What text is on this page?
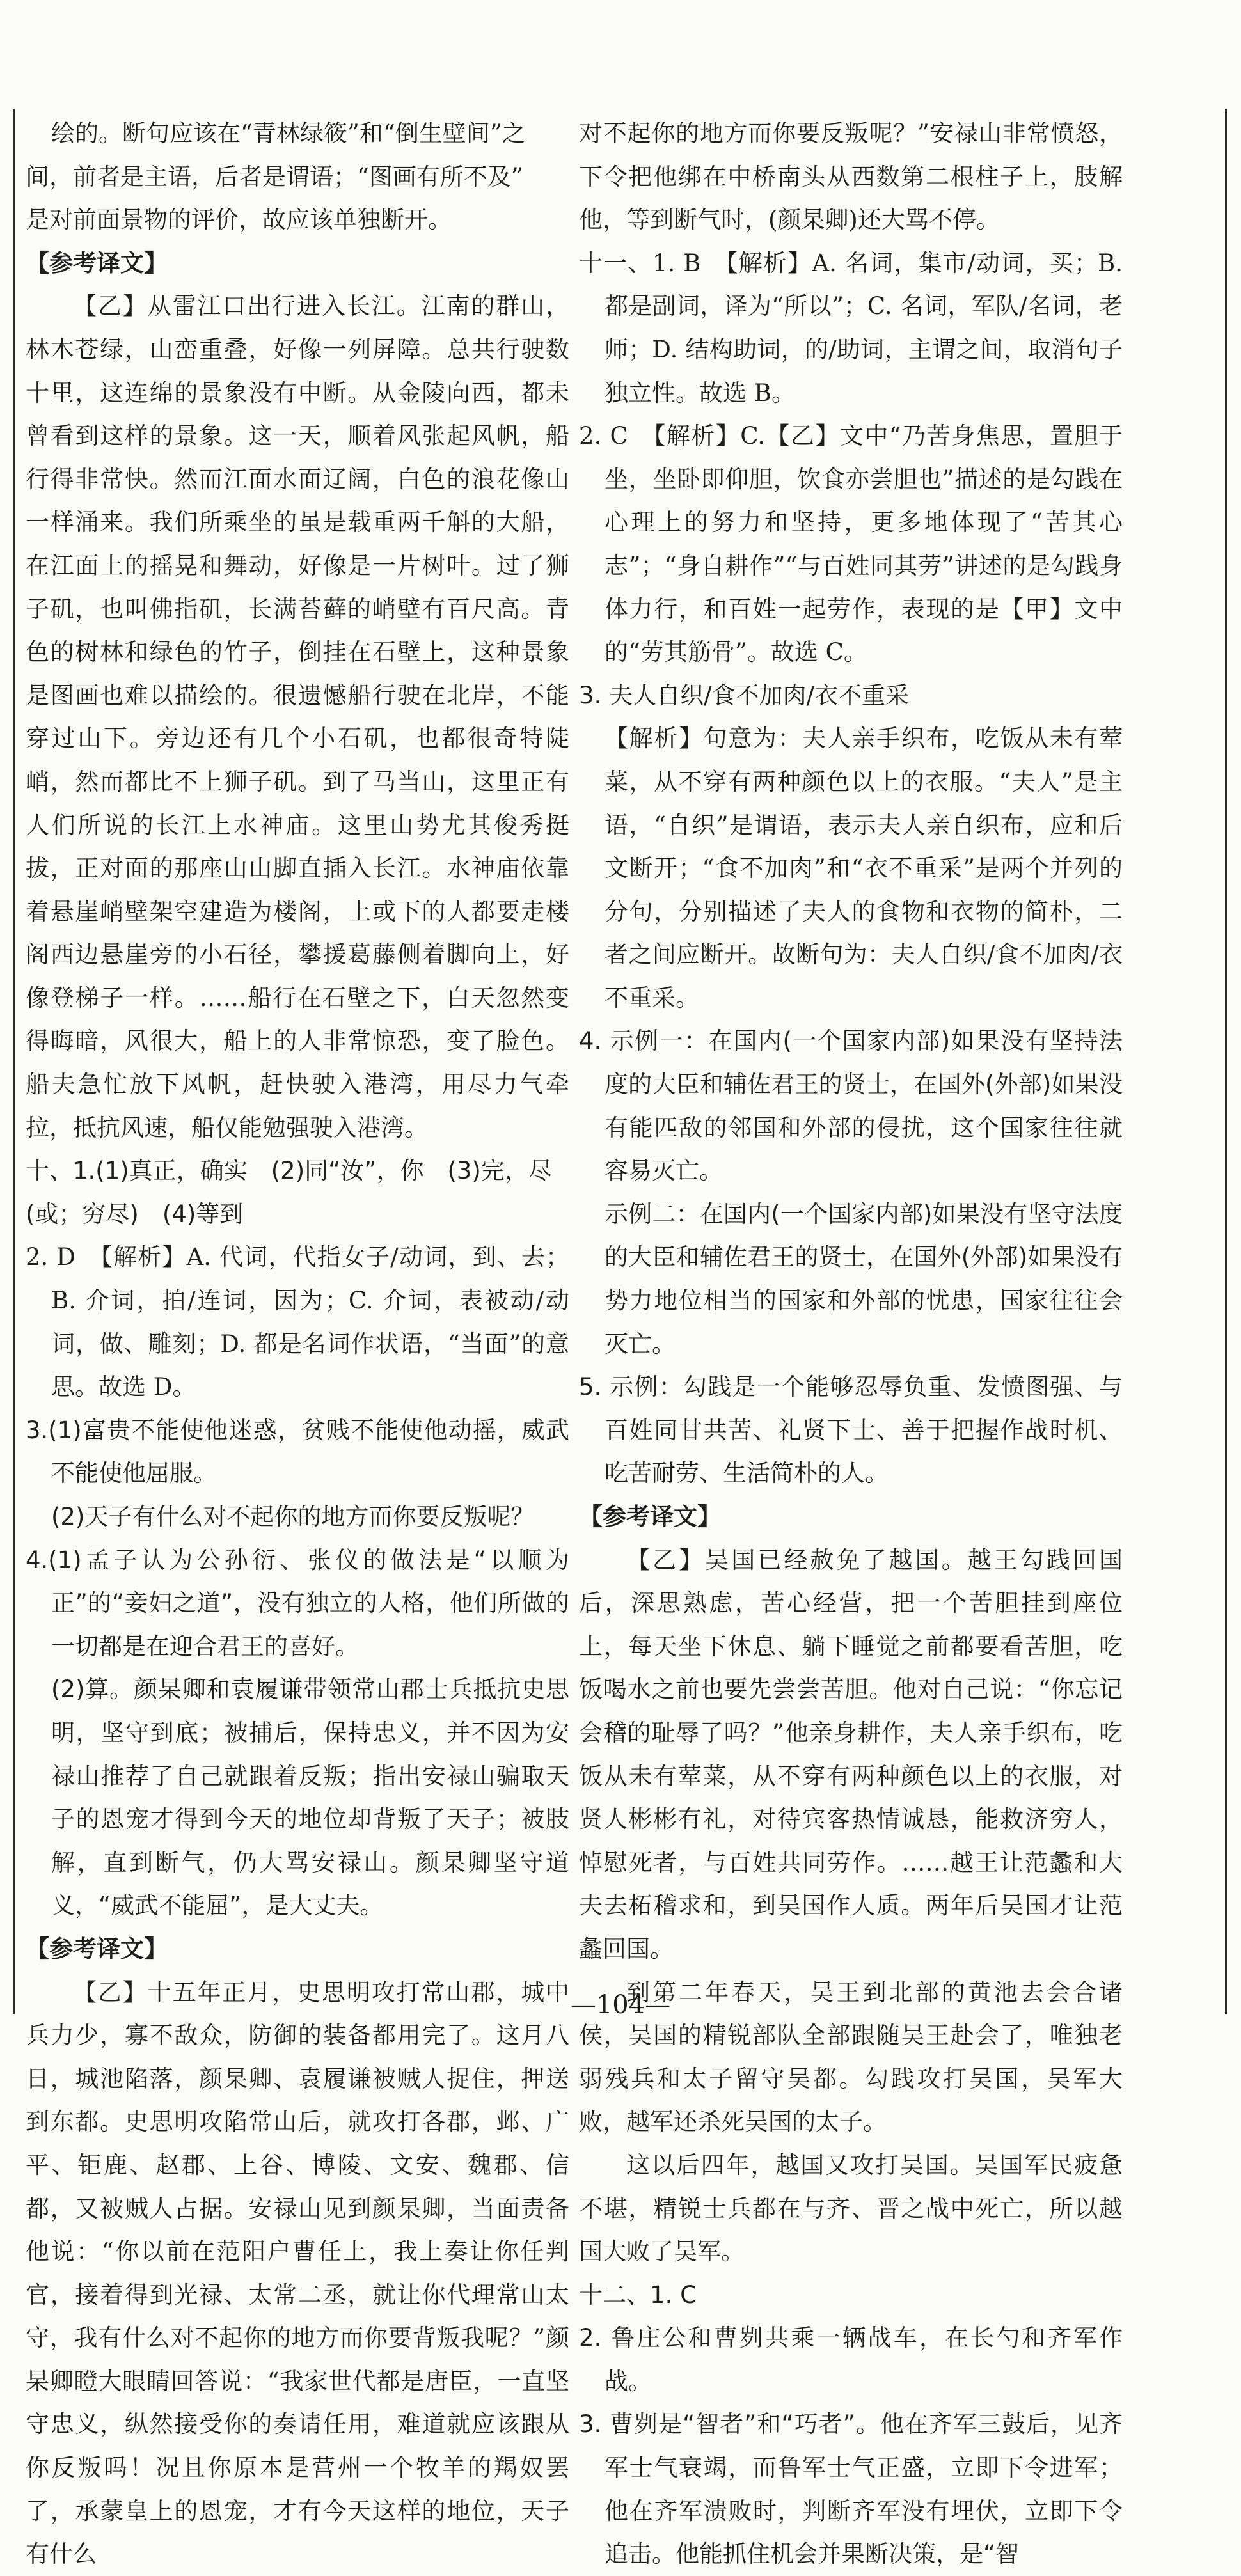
绘的。断句应该在“青林绿筱”和“倒生壁间”之

间，前者是主语，后者是谓语；“图画有所不及”

是对前面景物的评价，故应该单独断开。

【参考译文】

【乙】从雷江口出行进入长江。江南的群山，林木苍绿，山峦重叠，好像一列屏障。总共行驶数十里，这连绵的景象没有中断。从金陵向西，都未曾看到这样的景象。这一天，顺着风张起风帆，船行得非常快。然而江面水面辽阔，白色的浪花像山一样涌来。我们所乘坐的虽是载重两千斛的大船，在江面上的摇晃和舞动，好像是一片树叶。过了狮子矶，也叫佛指矶，长满苔藓的峭壁有百尺高。青色的树林和绿色的竹子，倒挂在石壁上，这种景象是图画也难以描绘的。很遗憾船行驶在北岸，不能穿过山下。旁边还有几个小石矶，也都很奇特陡峭，然而都比不上狮子矶。到了马当山，这里正有人们所说的长江上水神庙。这里山势尤其俊秀挺拔，正对面的那座山山脚直插入长江。水神庙依靠着悬崖峭壁架空建造为楼阁，上或下的人都要走楼阁西边悬崖旁的小石径，攀援葛藤侧着脚向上，好像登梯子一样。……船行在石壁之下，白天忽然变得晦暗，风很大，船上的人非常惊恐，变了脸色。船夫急忙放下风帆，赶快驶入港湾，用尽力气牵拉，抵抗风速，船仅能勉强驶入港湾。

十、1.(1)真正，确实　(2)同“汝”，你　(3)完，尽

(或；穷尽)　(4)等到

2. D　【解析】A. 代词，代指女子/动词，到、去；B. 介词，拍/连词，因为；C. 介词，表被动/动词，做、雕刻；D. 都是名词作状语，“当面”的意思。故选 D。

3.(1)富贵不能使他迷惑，贫贱不能使他动摇，威武不能使他屈服。

(2)天子有什么对不起你的地方而你要反叛呢？

4.(1)孟子认为公孙衍、张仪的做法是“以顺为正”的“妾妇之道”，没有独立的人格，他们所做的一切都是在迎合君王的喜好。

(2)算。颜杲卿和袁履谦带领常山郡士兵抵抗史思明，坚守到底；被捕后，保持忠义，并不因为安禄山推荐了自己就跟着反叛；指出安禄山骗取天子的恩宠才得到今天的地位却背叛了天子；被肢解，直到断气，仍大骂安禄山。颜杲卿坚守道义，“威武不能屈”，是大丈夫。

【参考译文】

【乙】十五年正月，史思明攻打常山郡，城中兵力少，寡不敌众，防御的装备都用完了。这月八日，城池陷落，颜杲卿、袁履谦被贼人捉住，押送到东都。史思明攻陷常山后，就攻打各郡，邺、广平、钜鹿、赵郡、上谷、博陵、文安、魏郡、信都，又被贼人占据。安禄山见到颜杲卿，当面责备他说：“你以前在范阳户曹任上，我上奏让你任判官，接着得到光禄、太常二丞，就让你代理常山太守，我有什么对不起你的地方而你要背叛我呢？”颜杲卿瞪大眼睛回答说：“我家世代都是唐臣，一直坚守忠义，纵然接受你的奏请任用，难道就应该跟从你反叛吗！况且你原本是营州一个牧羊的羯奴罢了，承蒙皇上的恩宠，才有今天这样的地位，天子有什么

对不起你的地方而你要反叛呢？”安禄山非常愤怒，下令把他绑在中桥南头从西数第二根柱子上，肢解他，等到断气时，(颜杲卿)还大骂不停。

十一、1. B　【解析】A. 名词，集市/动词，买；B. 都是副词，译为“所以”；C. 名词，军队/名词，老师；D. 结构助词，的/助词，主谓之间，取消句子独立性。故选 B。

2. C　【解析】C.【乙】文中“乃苦身焦思，置胆于坐，坐卧即仰胆，饮食亦尝胆也”描述的是勾践在心理上的努力和坚持，更多地体现了“苦其心志”；“身自耕作”“与百姓同其劳”讲述的是勾践身体力行，和百姓一起劳作，表现的是【甲】文中的“劳其筋骨”。故选 C。

3. 夫人自织/食不加肉/衣不重采

【解析】句意为：夫人亲手织布，吃饭从未有荤菜，从不穿有两种颜色以上的衣服。“夫人”是主语，“自织”是谓语，表示夫人亲自织布，应和后文断开；“食不加肉”和“衣不重采”是两个并列的分句，分别描述了夫人的食物和衣物的简朴，二者之间应断开。故断句为：夫人自织/食不加肉/衣不重采。

4. 示例一：在国内(一个国家内部)如果没有坚持法度的大臣和辅佐君王的贤士，在国外(外部)如果没有能匹敌的邻国和外部的侵扰，这个国家往往就容易灭亡。

示例二：在国内(一个国家内部)如果没有坚守法度的大臣和辅佐君王的贤士，在国外(外部)如果没有势力地位相当的国家和外部的忧患，国家往往会灭亡。

5. 示例：勾践是一个能够忍辱负重、发愤图强、与百姓同甘共苦、礼贤下士、善于把握作战时机、吃苦耐劳、生活简朴的人。

【参考译文】

【乙】吴国已经赦免了越国。越王勾践回国后，深思熟虑，苦心经营，把一个苦胆挂到座位上，每天坐下休息、躺下睡觉之前都要看苦胆，吃饭喝水之前也要先尝尝苦胆。他对自己说：“你忘记会稽的耻辱了吗？”他亲身耕作，夫人亲手织布，吃饭从未有荤菜，从不穿有两种颜色以上的衣服，对贤人彬彬有礼，对待宾客热情诚恳，能救济穷人，悼慰死者，与百姓共同劳作。……越王让范蠡和大夫去柘稽求和，到吴国作人质。两年后吴国才让范蠡回国。

到第二年春天，吴王到北部的黄池去会合诸侯，吴国的精锐部队全部跟随吴王赴会了，唯独老弱残兵和太子留守吴都。勾践攻打吴国，吴军大败，越军还杀死吴国的太子。

这以后四年，越国又攻打吴国。吴国军民疲惫不堪，精锐士兵都在与齐、晋之战中死亡，所以越国大败了吴军。

十二、1. C

2. 鲁庄公和曹刿共乘一辆战车，在长勺和齐军作战。

3. 曹刿是“智者”和“巧者”。他在齐军三鼓后，见齐军士气衰竭，而鲁军士气正盛，立即下令进军；他在齐军溃败时，判断齐军没有埋伏，立即下令追击。他能抓住机会并果断决策，是“智

—104—
